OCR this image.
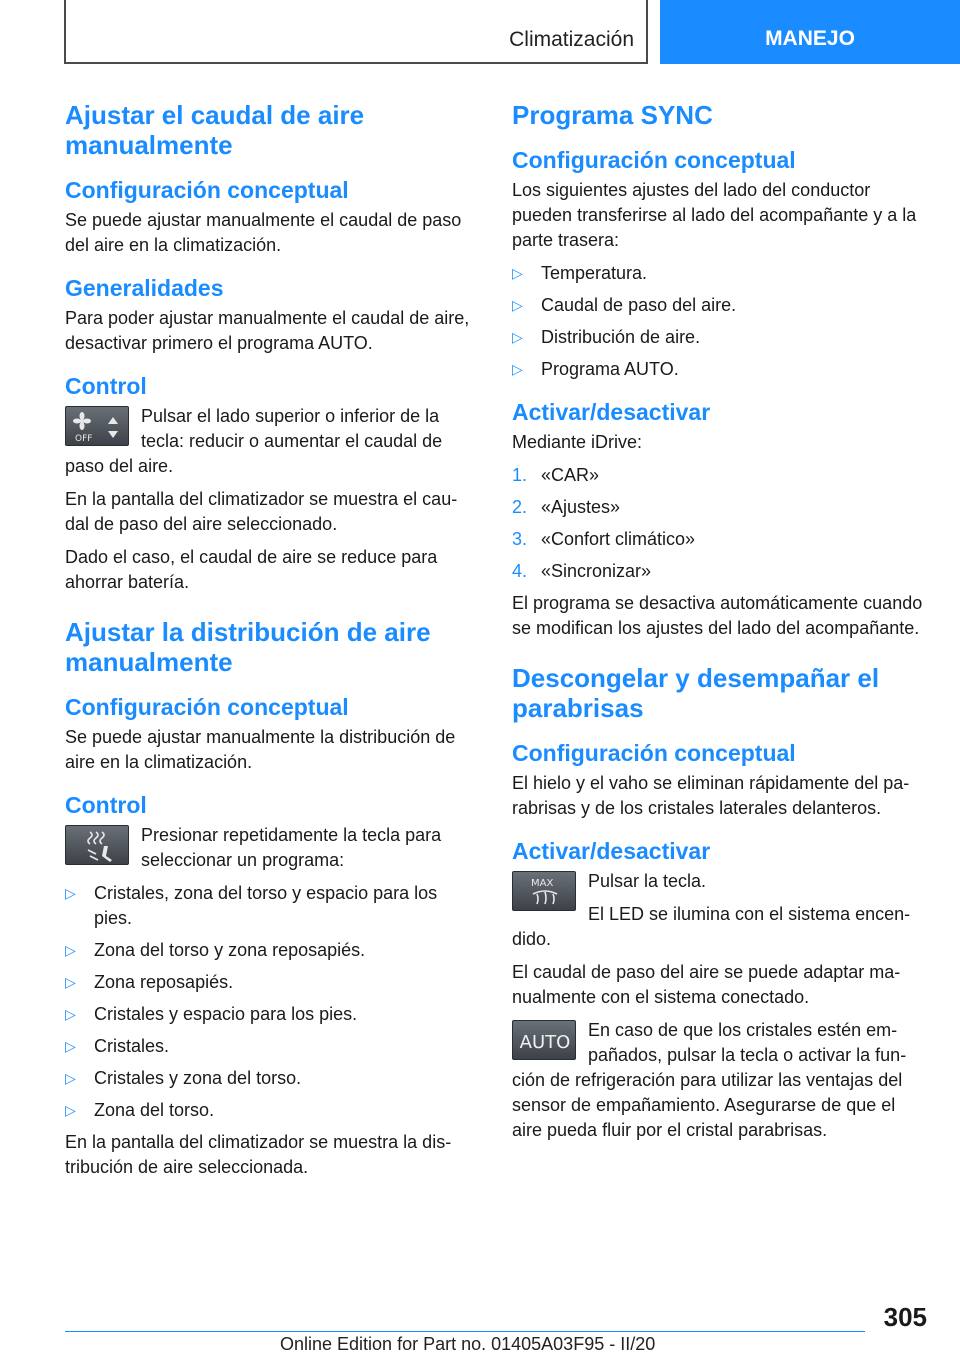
Climatización	MANEJO
Ajustar el caudal de aire manualmente
Configuración conceptual

Se puede ajustar manualmente el caudal de paso del aire en la climatización.

Generalidades

Para poder ajustar manualmente el caudal de aire, desactivar primero el programa AUTO.

Control
OFF

Pulsar el lado superior o inferior de la tecla: reducir o aumentar el caudal de paso del aire.

En la pantalla del climatizador se muestra el cau‐dal de paso del aire seleccionado.

Dado el caso, el caudal de aire se reduce para ahorrar batería.

Ajustar la distribución de aire manualmente
Configuración conceptual

Se puede ajustar manualmente la distribución de aire en la climatización.

Control

Presionar repetidamente la tecla para seleccionar un programa:

▷ Cristales, zona del torso y espacio para los pies.
▷ Zona del torso y zona reposapiés.
▷ Zona reposapiés.
▷ Cristales y espacio para los pies.
▷ Cristales.
▷ Cristales y zona del torso.
▷ Zona del torso.

En la pantalla del climatizador se muestra la dis‐tribución de aire seleccionada.

Programa SYNC
Configuración conceptual

Los siguientes ajustes del lado del conductor pueden transferirse al lado del acompañante y a la parte trasera:

▷ Temperatura.
▷ Caudal de paso del aire.
▷ Distribución de aire.
▷ Programa AUTO.
Activar/desactivar

Mediante iDrive:

1. «CAR»
2. «Ajustes»
3. «Confort climático»
4. «Sincronizar»

El programa se desactiva automáticamente cuando se modifican los ajustes del lado del acompañante.

Descongelar y desempañar el parabrisas
Configuración conceptual

El hielo y el vaho se eliminan rápidamente del pa‐rabrisas y de los cristales laterales delanteros.

Activar/desactivar
MAX	Pulsar la tecla.

El LED se ilumina con el sistema encen‐dido.

El caudal de paso del aire se puede adaptar ma‐nualmente con el sistema conectado.

AUTO

En caso de que los cristales estén em‐pañados, pulsar la tecla o activar la fun‐ción de refrigeración para utilizar las ventajas del sensor de empañamiento. Asegurarse de que el aire pueda fluir por el cristal parabrisas.

305
Online Edition for Part no. 01405A03F95 - II/20
